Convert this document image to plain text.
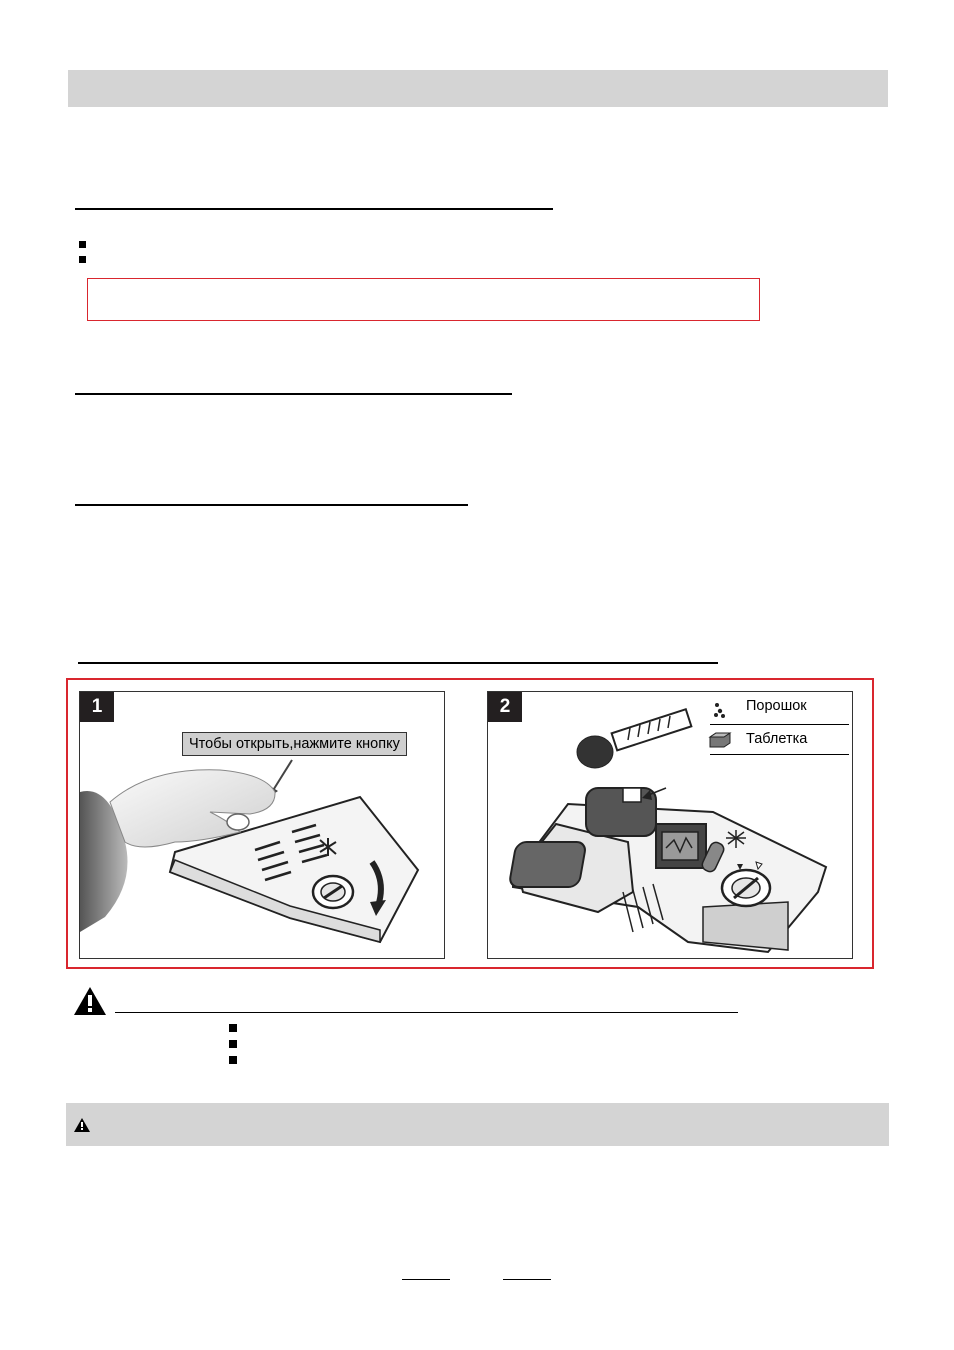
1
Чтобы открыть,нажмите кнопку
2	Порошок
Таблетка
